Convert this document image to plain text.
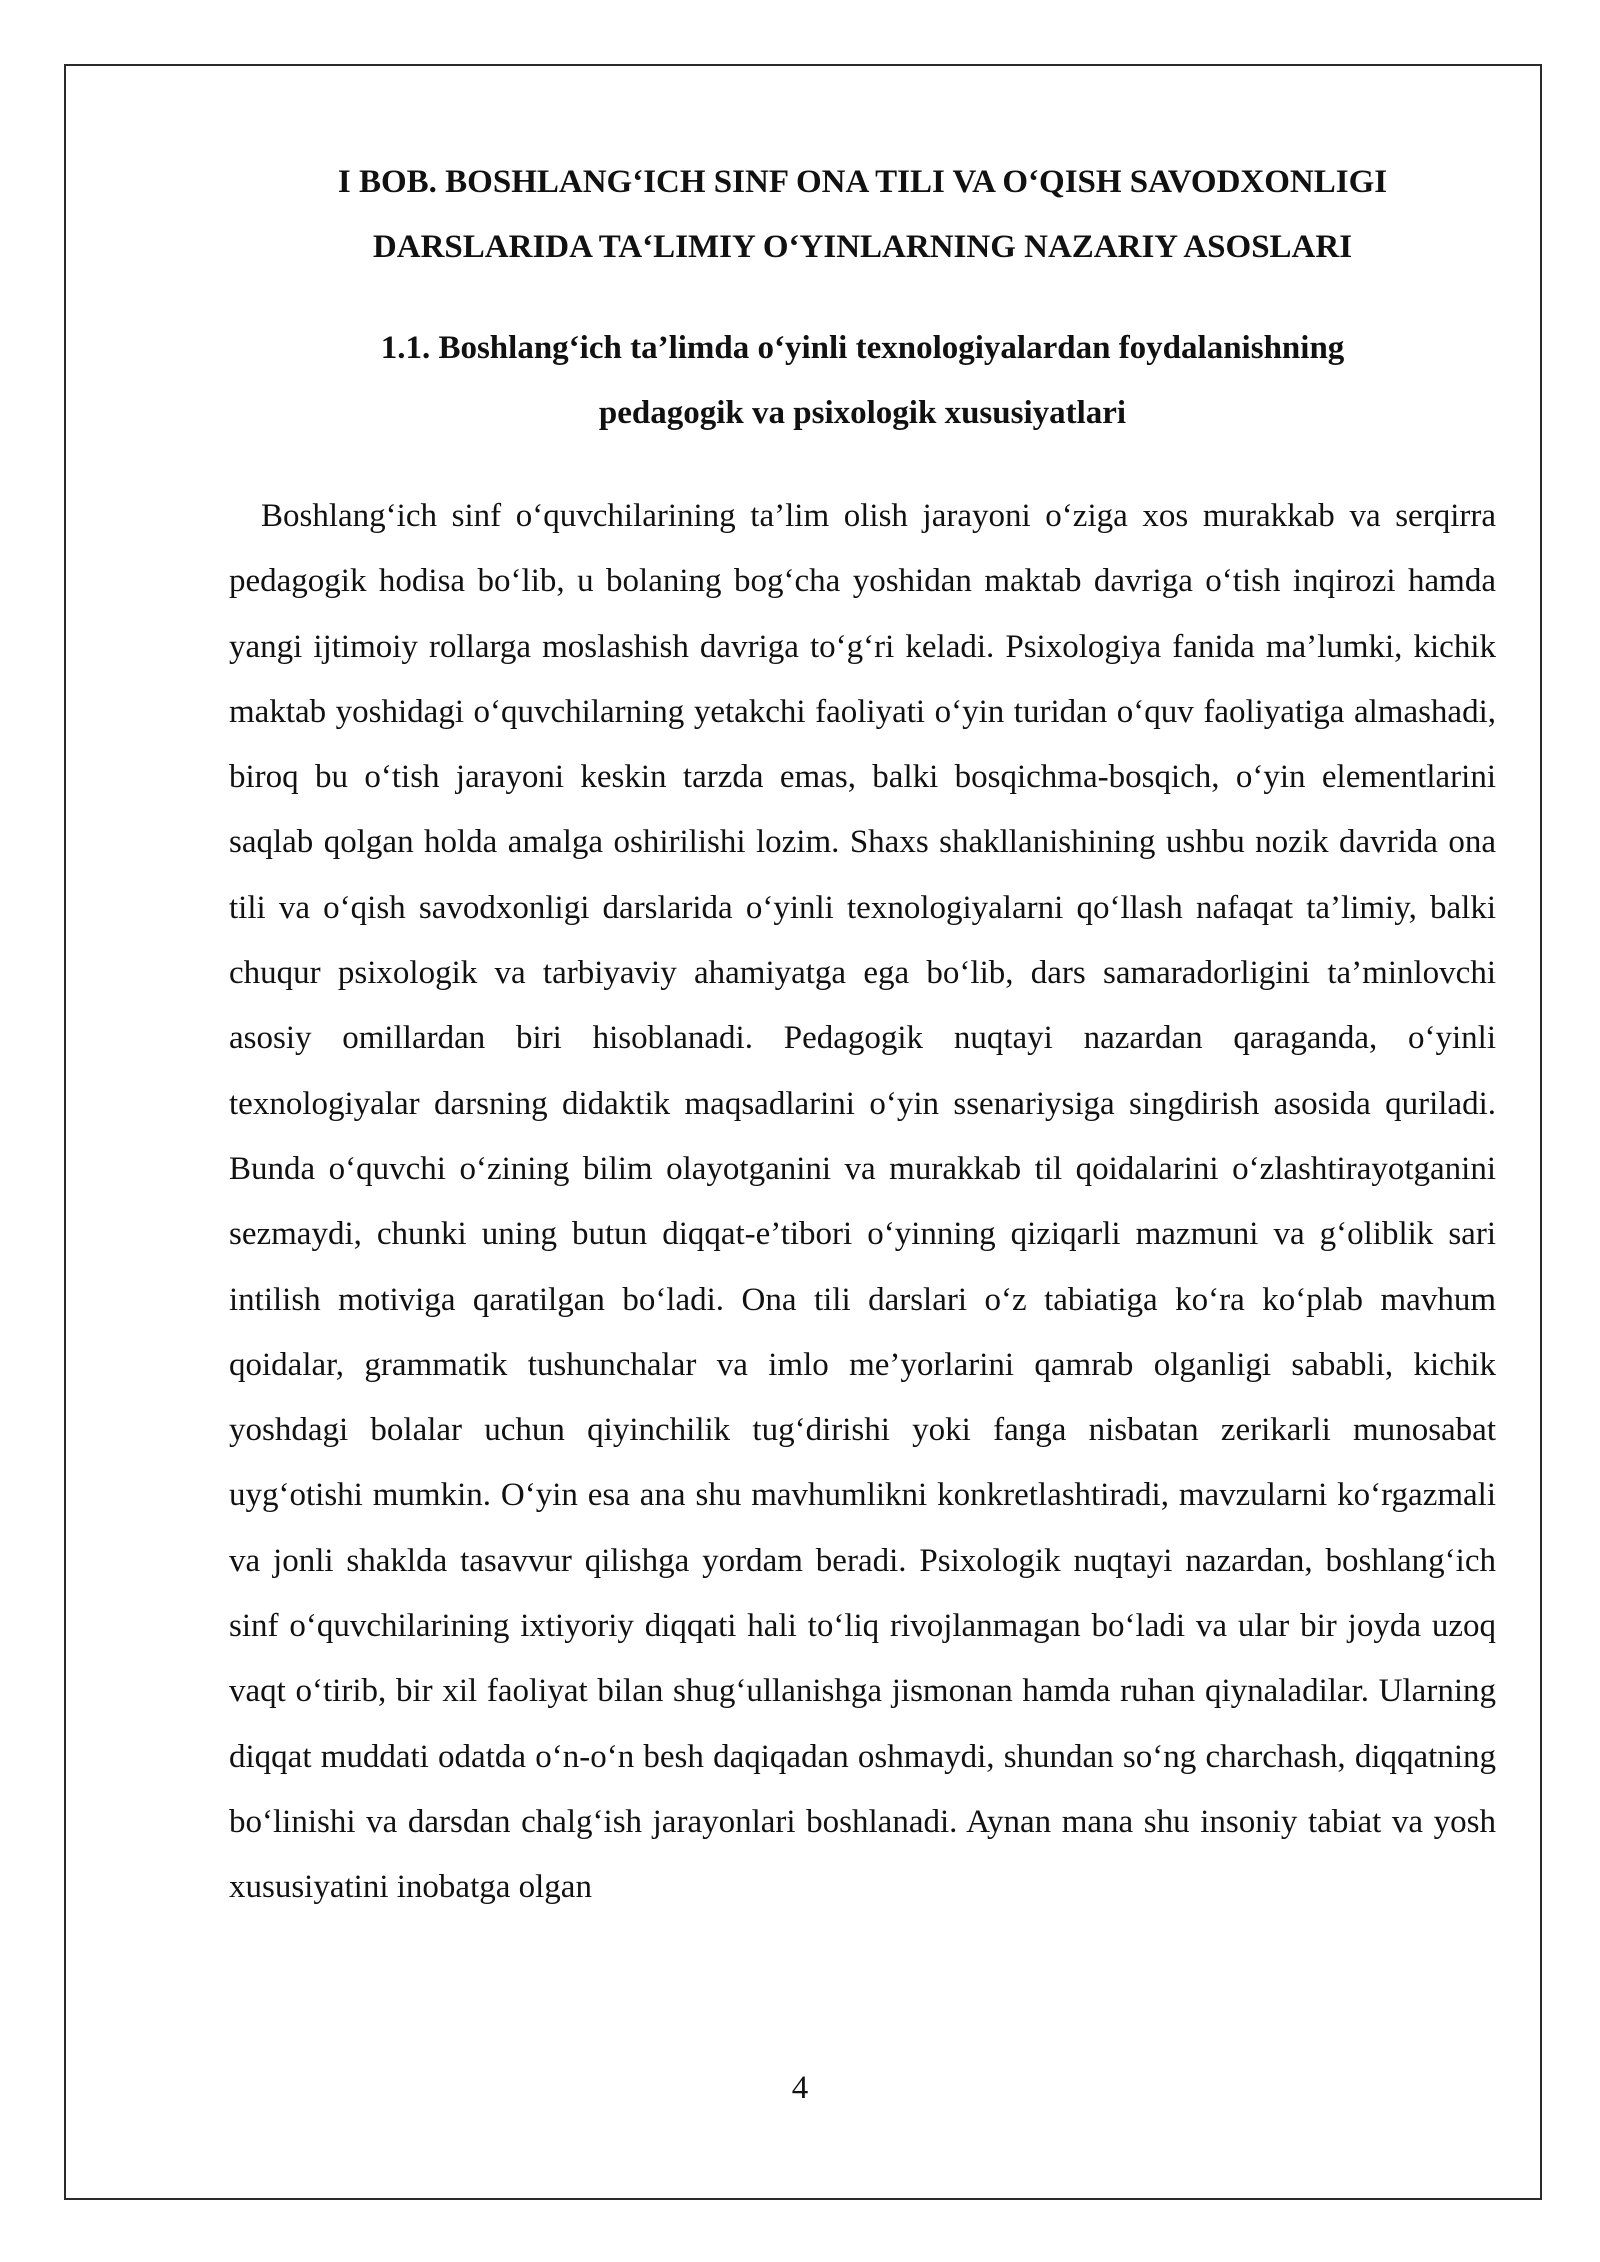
I BOB. BOSHLANG‘ICH SINF ONA TILI VA O‘QISH SAVODXONLIGI DARSLARIDA TA‘LIMIY O‘YINLARNING NAZARIY ASOSLARI
1.1. Boshlang‘ich ta’limda o‘yinli texnologiyalardan foydalanishning pedagogik va psixologik xususiyatlari

Boshlang‘ich sinf o‘quvchilarining ta’lim olish jarayoni o‘ziga xos murakkab va serqirra pedagogik hodisa bo‘lib, u bolaning bog‘cha yoshidan maktab davriga o‘tish inqirozi hamda yangi ijtimoiy rollarga moslashish davriga to‘g‘ri keladi. Psixologiya fanida ma’lumki, kichik maktab yoshidagi o‘quvchilarning yetakchi faoliyati o‘yin turidan o‘quv faoliyatiga almashadi, biroq bu o‘tish jarayoni keskin tarzda emas, balki bosqichma-bosqich, o‘yin elementlarini saqlab qolgan holda amalga oshirilishi lozim. Shaxs shakllanishining ushbu nozik davrida ona tili va o‘qish savodxonligi darslarida o‘yinli texnologiyalarni qo‘llash nafaqat ta’limiy, balki chuqur psixologik va tarbiyaviy ahamiyatga ega bo‘lib, dars samaradorligini ta’minlovchi asosiy omillardan biri hisoblanadi. Pedagogik nuqtayi nazardan qaraganda, o‘yinli texnologiyalar darsning didaktik maqsadlarini o‘yin ssenariysiga singdirish asosida quriladi. Bunda o‘quvchi o‘zining bilim olayotganini va murakkab til qoidalarini o‘zlashtirayotganini sezmaydi, chunki uning butun diqqat-e’tibori o‘yinning qiziqarli mazmuni va g‘oliblik sari intilish motiviga qaratilgan bo‘ladi. Ona tili darslari o‘z tabiatiga ko‘ra ko‘plab mavhum qoidalar, grammatik tushunchalar va imlo me’yorlarini qamrab olganligi sababli, kichik yoshdagi bolalar uchun qiyinchilik tug‘dirishi yoki fanga nisbatan zerikarli munosabat uyg‘otishi mumkin. O‘yin esa ana shu mavhumlikni konkretlashtiradi, mavzularni ko‘rgazmali va jonli shaklda tasavvur qilishga yordam beradi. Psixologik nuqtayi nazardan, boshlang‘ich sinf o‘quvchilarining ixtiyoriy diqqati hali to‘liq rivojlanmagan bo‘ladi va ular bir joyda uzoq vaqt o‘tirib, bir xil faoliyat bilan shug‘ullanishga jismonan hamda ruhan qiynaladilar. Ularning diqqat muddati odatda o‘n-o‘n besh daqiqadan oshmaydi, shundan so‘ng charchash, diqqatning bo‘linishi va darsdan chalg‘ish jarayonlari boshlanadi. Aynan mana shu insoniy tabiat va yosh xususiyatini inobatga olgan

4
